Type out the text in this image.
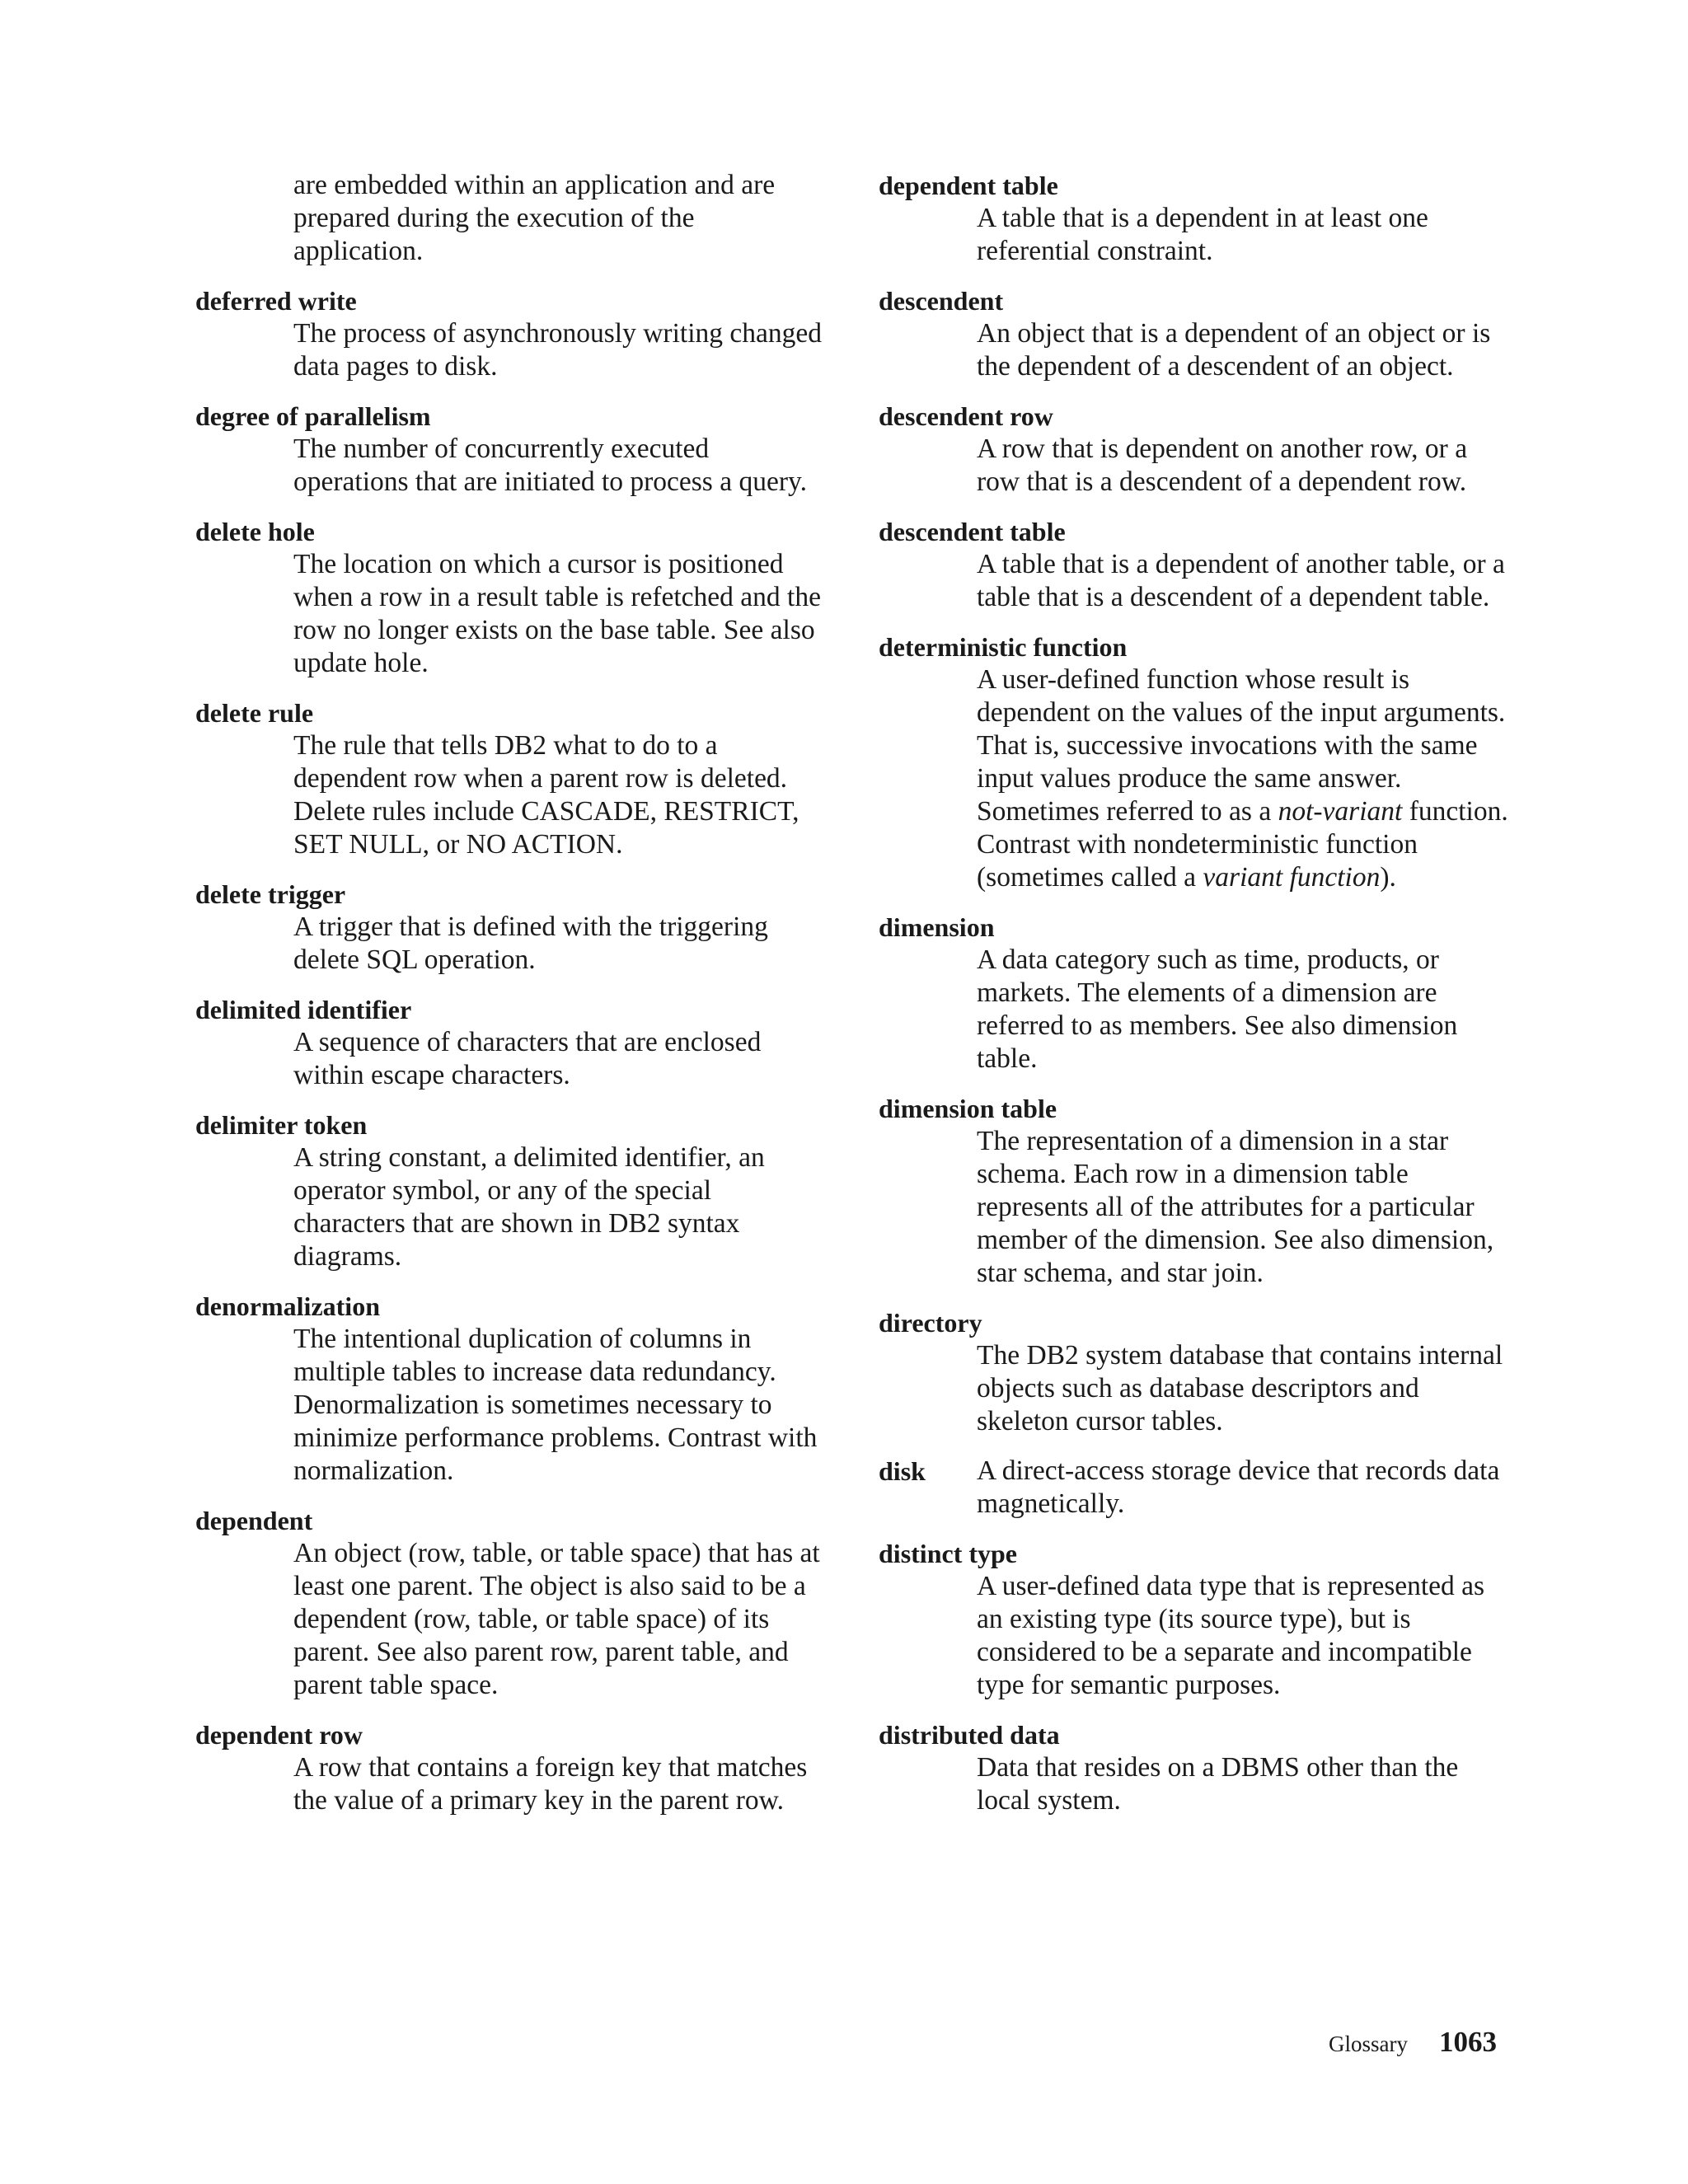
are embedded within an application and are prepared during the execution of the application.
deferred write
The process of asynchronously writing changed data pages to disk.
degree of parallelism
The number of concurrently executed operations that are initiated to process a query.
delete hole
The location on which a cursor is positioned when a row in a result table is refetched and the row no longer exists on the base table. See also update hole.
delete rule
The rule that tells DB2 what to do to a dependent row when a parent row is deleted. Delete rules include CASCADE, RESTRICT, SET NULL, or NO ACTION.
delete trigger
A trigger that is defined with the triggering delete SQL operation.
delimited identifier
A sequence of characters that are enclosed within escape characters.
delimiter token
A string constant, a delimited identifier, an operator symbol, or any of the special characters that are shown in DB2 syntax diagrams.
denormalization
The intentional duplication of columns in multiple tables to increase data redundancy. Denormalization is sometimes necessary to minimize performance problems. Contrast with normalization.
dependent
An object (row, table, or table space) that has at least one parent. The object is also said to be a dependent (row, table, or table space) of its parent. See also parent row, parent table, and parent table space.
dependent row
A row that contains a foreign key that matches the value of a primary key in the parent row.
dependent table
A table that is a dependent in at least one referential constraint.
descendent
An object that is a dependent of an object or is the dependent of a descendent of an object.
descendent row
A row that is dependent on another row, or a row that is a descendent of a dependent row.
descendent table
A table that is a dependent of another table, or a table that is a descendent of a dependent table.
deterministic function
A user-defined function whose result is dependent on the values of the input arguments. That is, successive invocations with the same input values produce the same answer. Sometimes referred to as a not-variant function. Contrast with nondeterministic function (sometimes called a variant function).
dimension
A data category such as time, products, or markets. The elements of a dimension are referred to as members. See also dimension table.
dimension table
The representation of a dimension in a star schema. Each row in a dimension table represents all of the attributes for a particular member of the dimension. See also dimension, star schema, and star join.
directory
The DB2 system database that contains internal objects such as database descriptors and skeleton cursor tables.
disk	A direct-access storage device that records data magnetically.
distinct type
A user-defined data type that is represented as an existing type (its source type), but is considered to be a separate and incompatible type for semantic purposes.
distributed data
Data that resides on a DBMS other than the local system.
Glossary 1063
